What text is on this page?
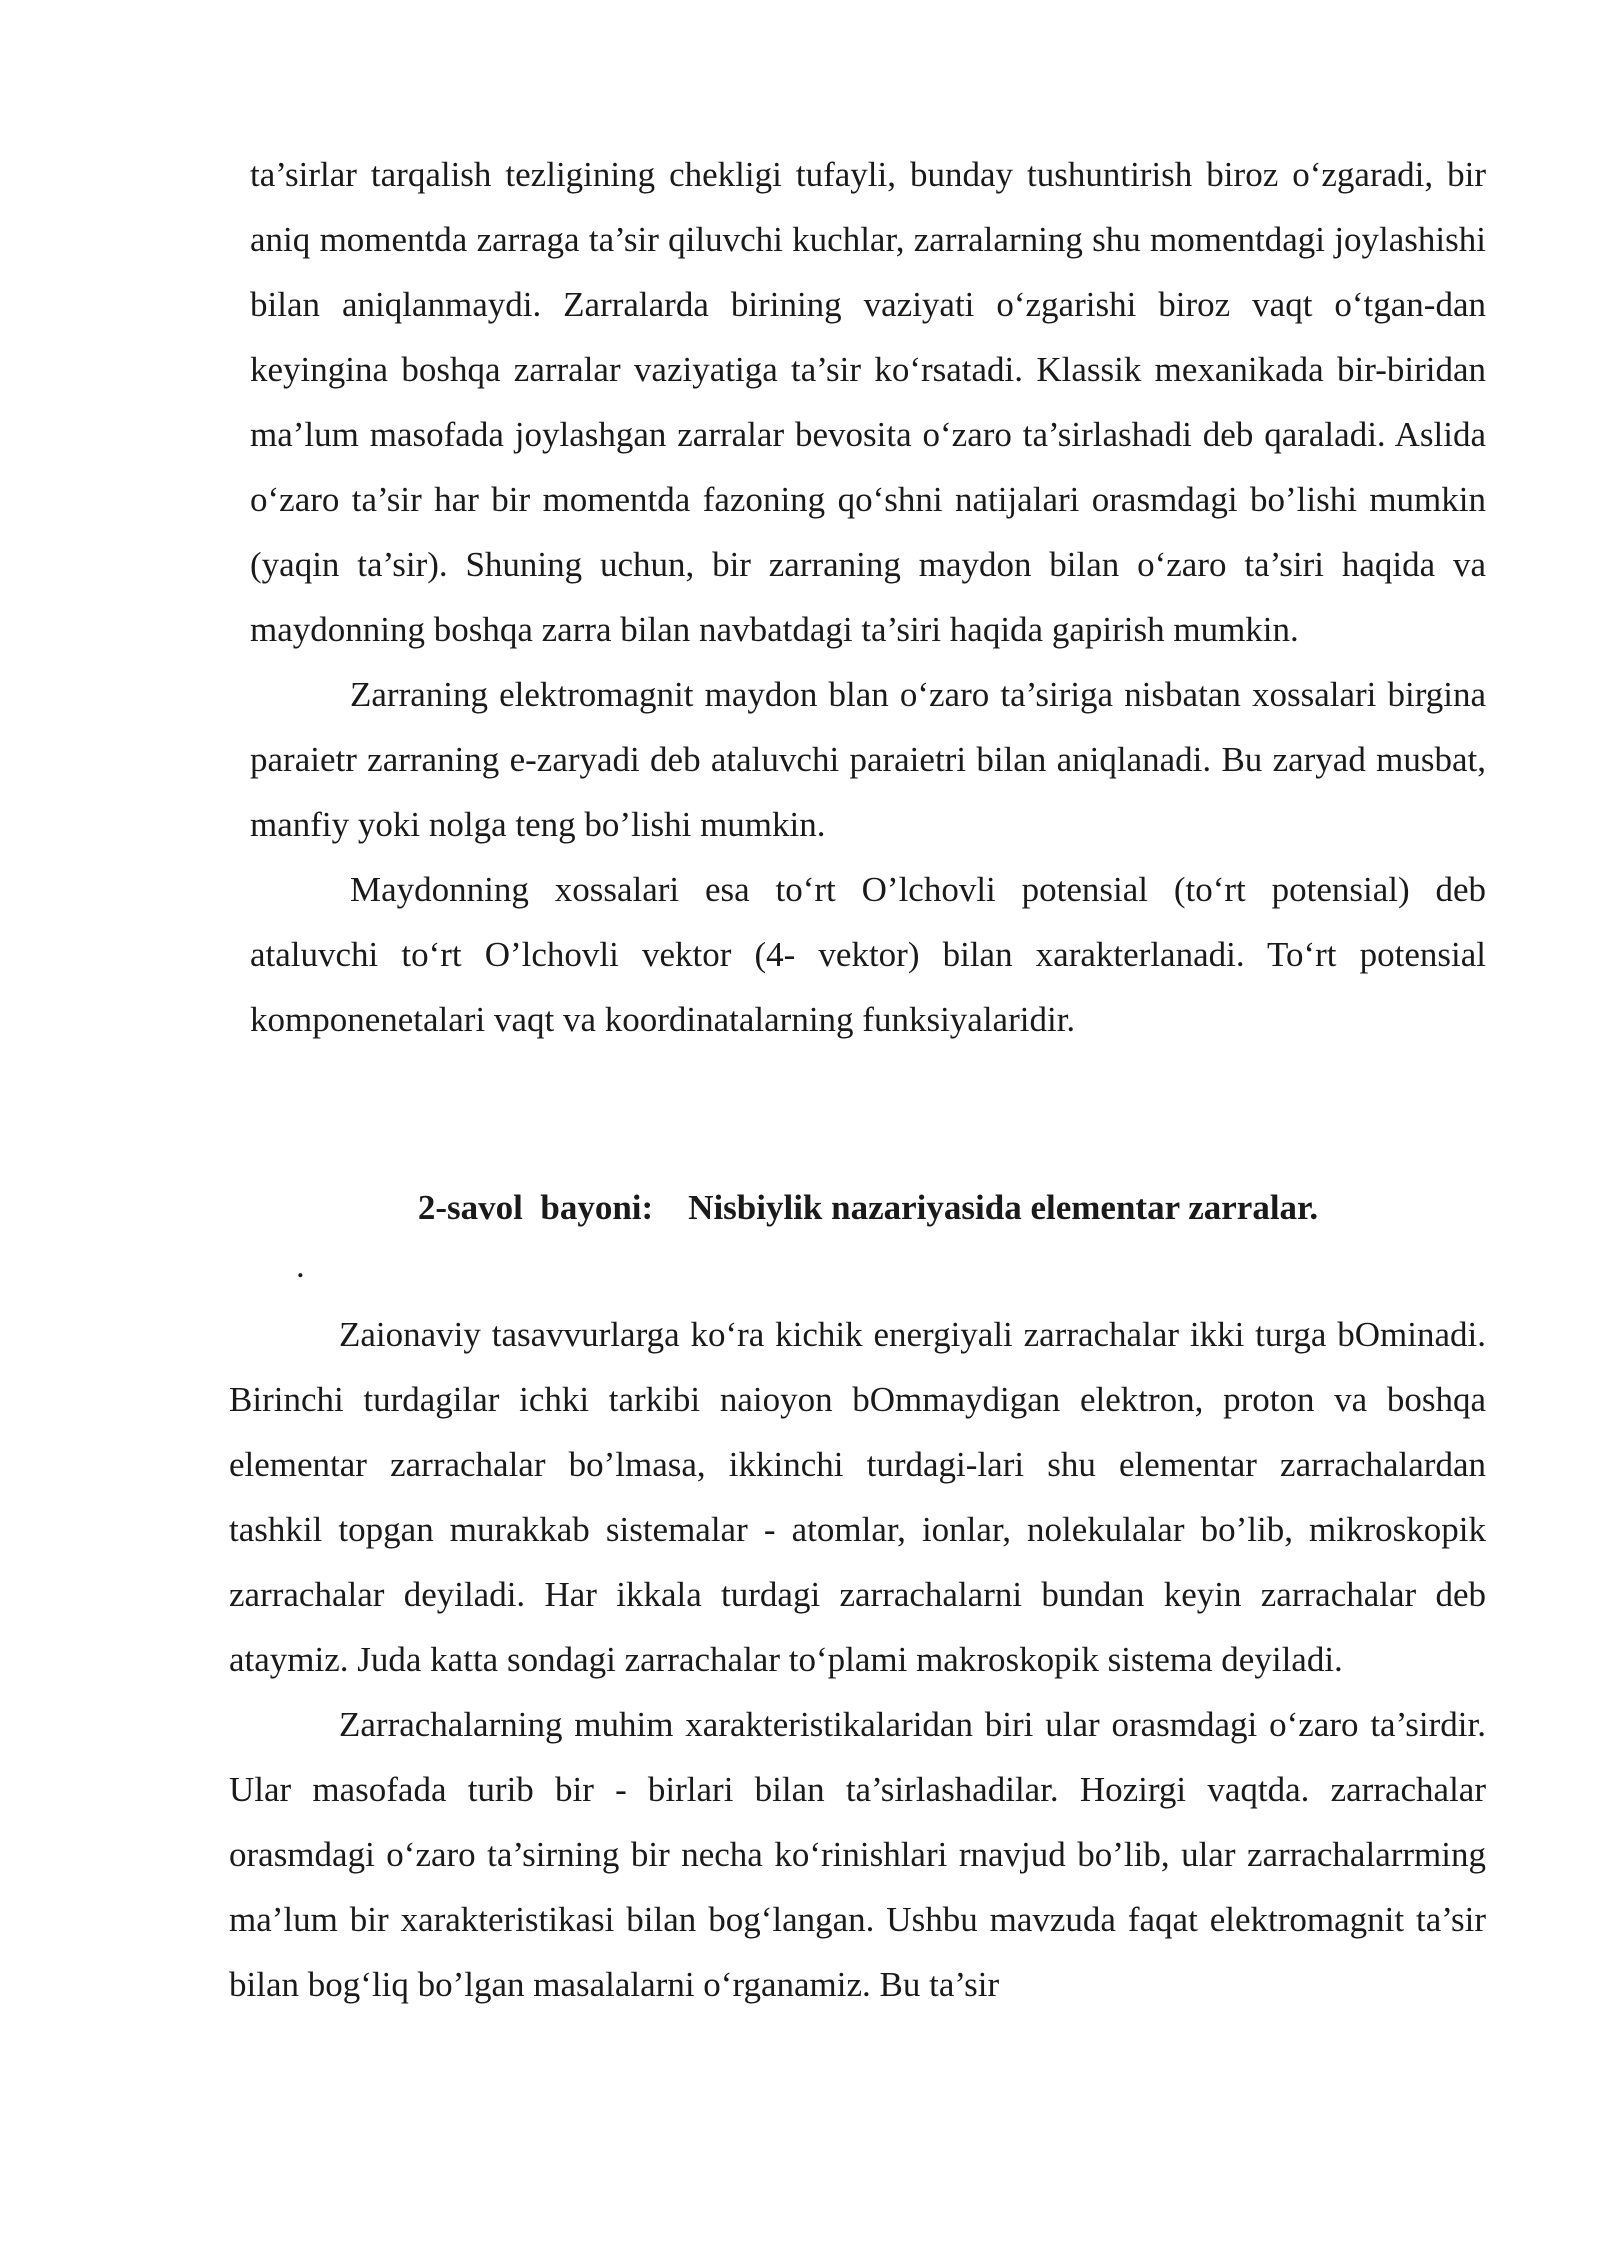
ta’sirlar tarqalish tezligining chekligi tufayli, bunday tushuntirish biroz o‘zgaradi, bir aniq momentda zarraga ta’sir qiluvchi kuchlar, zarralarning shu momentdagi joylashishi bilan aniqlanmaydi. Zarralarda birining vaziyati o‘zgarishi biroz vaqt o‘tgan-dan keyingina boshqa zarralar vaziyatiga ta’sir ko‘rsatadi. Klassik mexanikada bir-biridan ma’lum masofada joylashgan zarralar bevosita o‘zaro ta’sirlashadi deb qaraladi. Aslida o‘zaro ta’sir har bir momentda fazoning qo‘shni natijalari orasmdagi bo’lishi mumkin (yaqin ta’sir). Shuning uchun, bir zarraning maydon bilan o‘zaro ta’siri haqida va maydonning boshqa zarra bilan navbatdagi ta’siri haqida gapirish mumkin.

Zarraning elektromagnit maydon blan o‘zaro ta’siriga nisbatan xossalari birgina paraietr zarraning e-zaryadi deb ataluvchi paraietri bilan aniqlanadi. Bu zaryad musbat, manfiy yoki nolga teng bo’lishi mumkin.

Maydonning xossalari esa to‘rt O’lchovli potensial (to‘rt potensial) deb ataluvchi to‘rt O’lchovli vektor (4- vektor) bilan xarakterlanadi. To‘rt potensial komponenetalari vaqt va koordinatalarning funksiyalaridir.

2-savol  bayoni:    Nisbiylik nazariyasida elementar zarralar.
.

Zaionaviy tasavvurlarga ko‘ra kichik energiyali zarrachalar ikki turga bOminadi. Birinchi turdagilar ichki tarkibi naioyon bOmmaydigan elektron, proton va boshqa elementar zarrachalar bo’lmasa, ikkinchi turdagi-lari shu elementar zarrachalardan tashkil topgan murakkab sistemalar - atomlar, ionlar, nolekulalar bo’lib, mikroskopik zarrachalar deyiladi. Har ikkala turdagi zarrachalarni bundan keyin zarrachalar deb ataymiz. Juda katta sondagi zarrachalar to‘plami makroskopik sistema deyiladi.

Zarrachalarning muhim xarakteristikalaridan biri ular orasmdagi o‘zaro ta’sirdir. Ular masofada turib bir - birlari bilan ta’sirlashadilar. Hozirgi vaqtda. zarrachalar orasmdagi o‘zaro ta’sirning bir necha ko‘rinishlari rnavjud bo’lib, ular zarrachalarrming ma’lum bir xarakteristikasi bilan bog‘langan. Ushbu mavzuda faqat elektromagnit ta’sir bilan bog‘liq bo’lgan masalalarni o‘rganamiz. Bu ta’sir
